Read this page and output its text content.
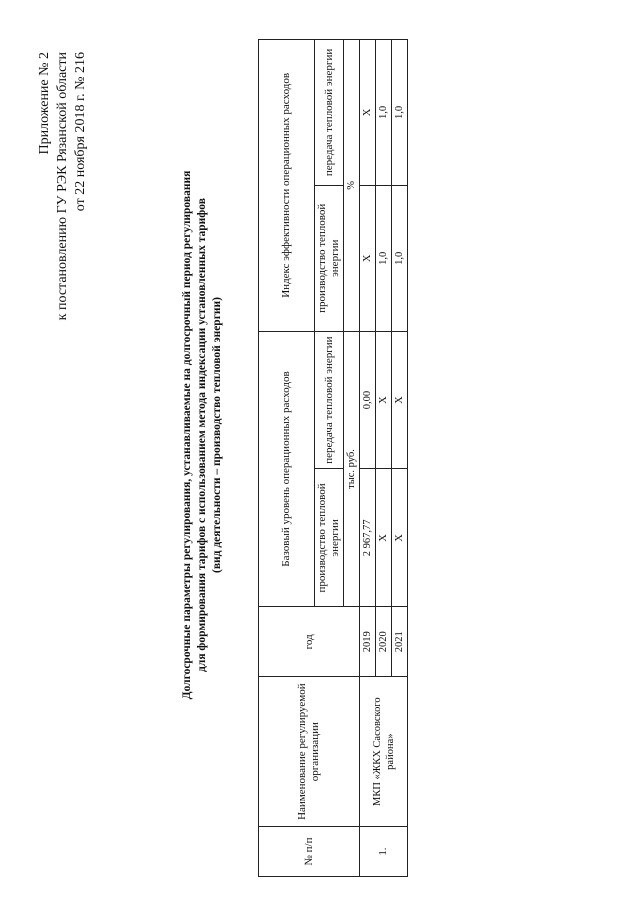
Приложение № 2 к постановлению ГУ РЭК Рязанской области от 22 ноября 2018 г. № 216
Долгосрочные параметры регулирования, устанавливаемые на долгосрочный период регулирования для формирования тарифов с использованием метода индексации установленных тарифов (вид деятельности – производство тепловой энергии)
№ п/п	Наименование регулируемой организации	год	Базовый уровень операционных расходов		Индекс эффективности операционных расходов	
			производство тепловой энергии	передача тепловой энергии	производство тепловой энергии	передача тепловой энергии
			тыс. руб.		%	
1.	МКП «ЖКХ Сасовского района»	2019	2 967,77	0,00	X	X
		2020	X	X	1,0	1,0
		2021	X	X	1,0	1,0
